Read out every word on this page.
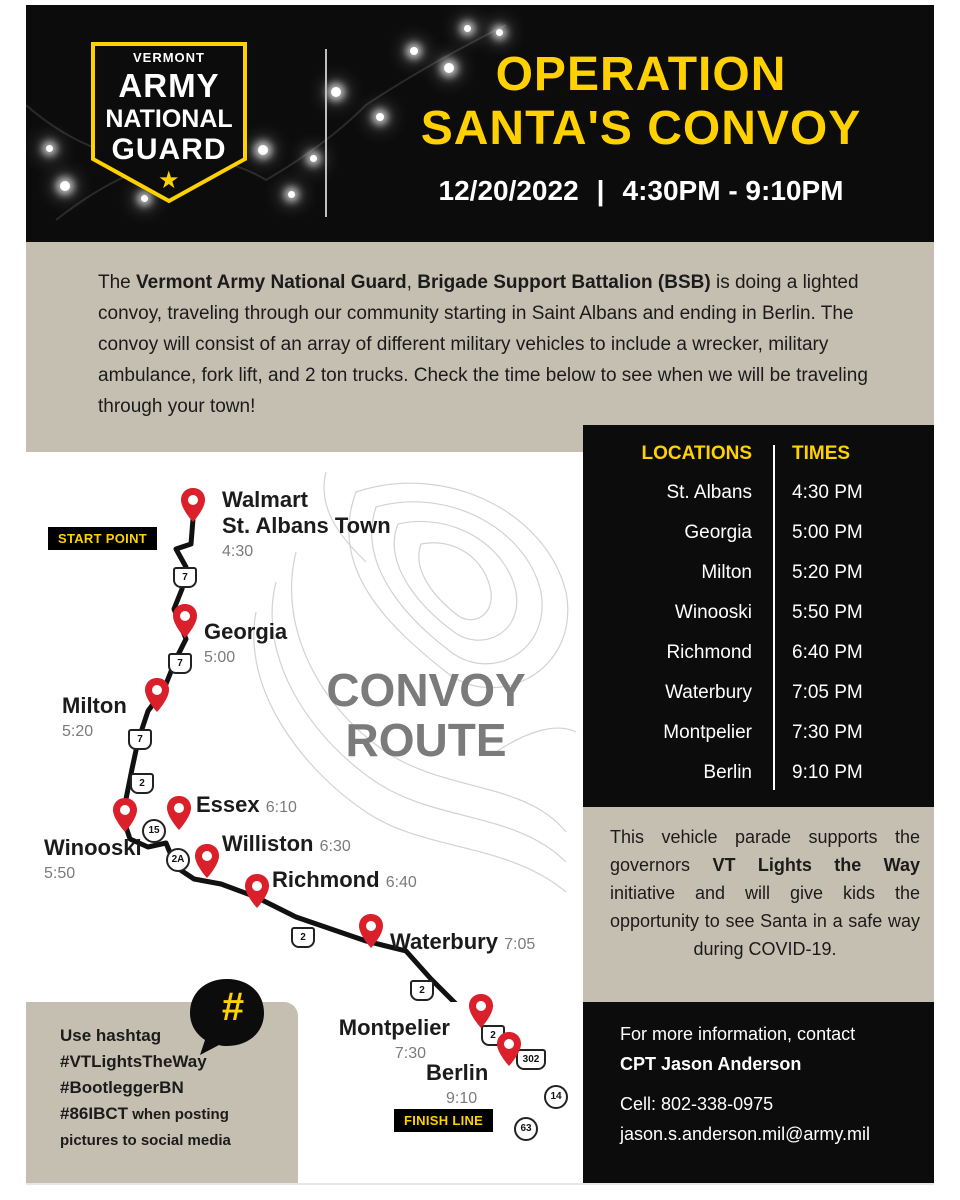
VERMONT
ARMY
NATIONAL
GUARD
★
OPERATION
SANTA'S CONVOY
12/20/2022 | 4:30PM - 9:10PM
The Vermont Army National Guard, Brigade Support Battalion (BSB) is doing a lighted convoy, traveling through our community starting in Saint Albans and ending in Berlin. The convoy will consist of an array of different military vehicles to include a wrecker, military ambulance, fork lift, and 2 ton trucks. Check the time below to see when we will be traveling through your town!
CONVOY
ROUTE
7
7
7
2
15
2A
2
2
2
302
14
63
Walmart
St. Albans Town
4:30
START POINT
Georgia
5:00
Milton
5:20
Essex 6:10
Winooski
5:50
Williston 6:30
Richmond 6:40
Waterbury 7:05
Montpelier
7:30
Berlin
9:10
FINISH LINE
#
Use hashtag
#VTLightsTheWay
#BootleggerBN
#86IBCT when posting
pictures to social media
LOCATIONS TIMES
St. Albans 4:30 PM
Georgia 5:00 PM
Milton 5:20 PM
Winooski 5:50 PM
Richmond 6:40 PM
Waterbury 7:05 PM
Montpelier 7:30 PM
Berlin 9:10 PM
This vehicle parade supports the governors VT Lights the Way initiative and will give kids the opportunity to see Santa in a safe way during COVID-19.
For more information, contact
CPT Jason Anderson
Cell: 802-338-0975
jason.s.anderson.mil@army.mil
